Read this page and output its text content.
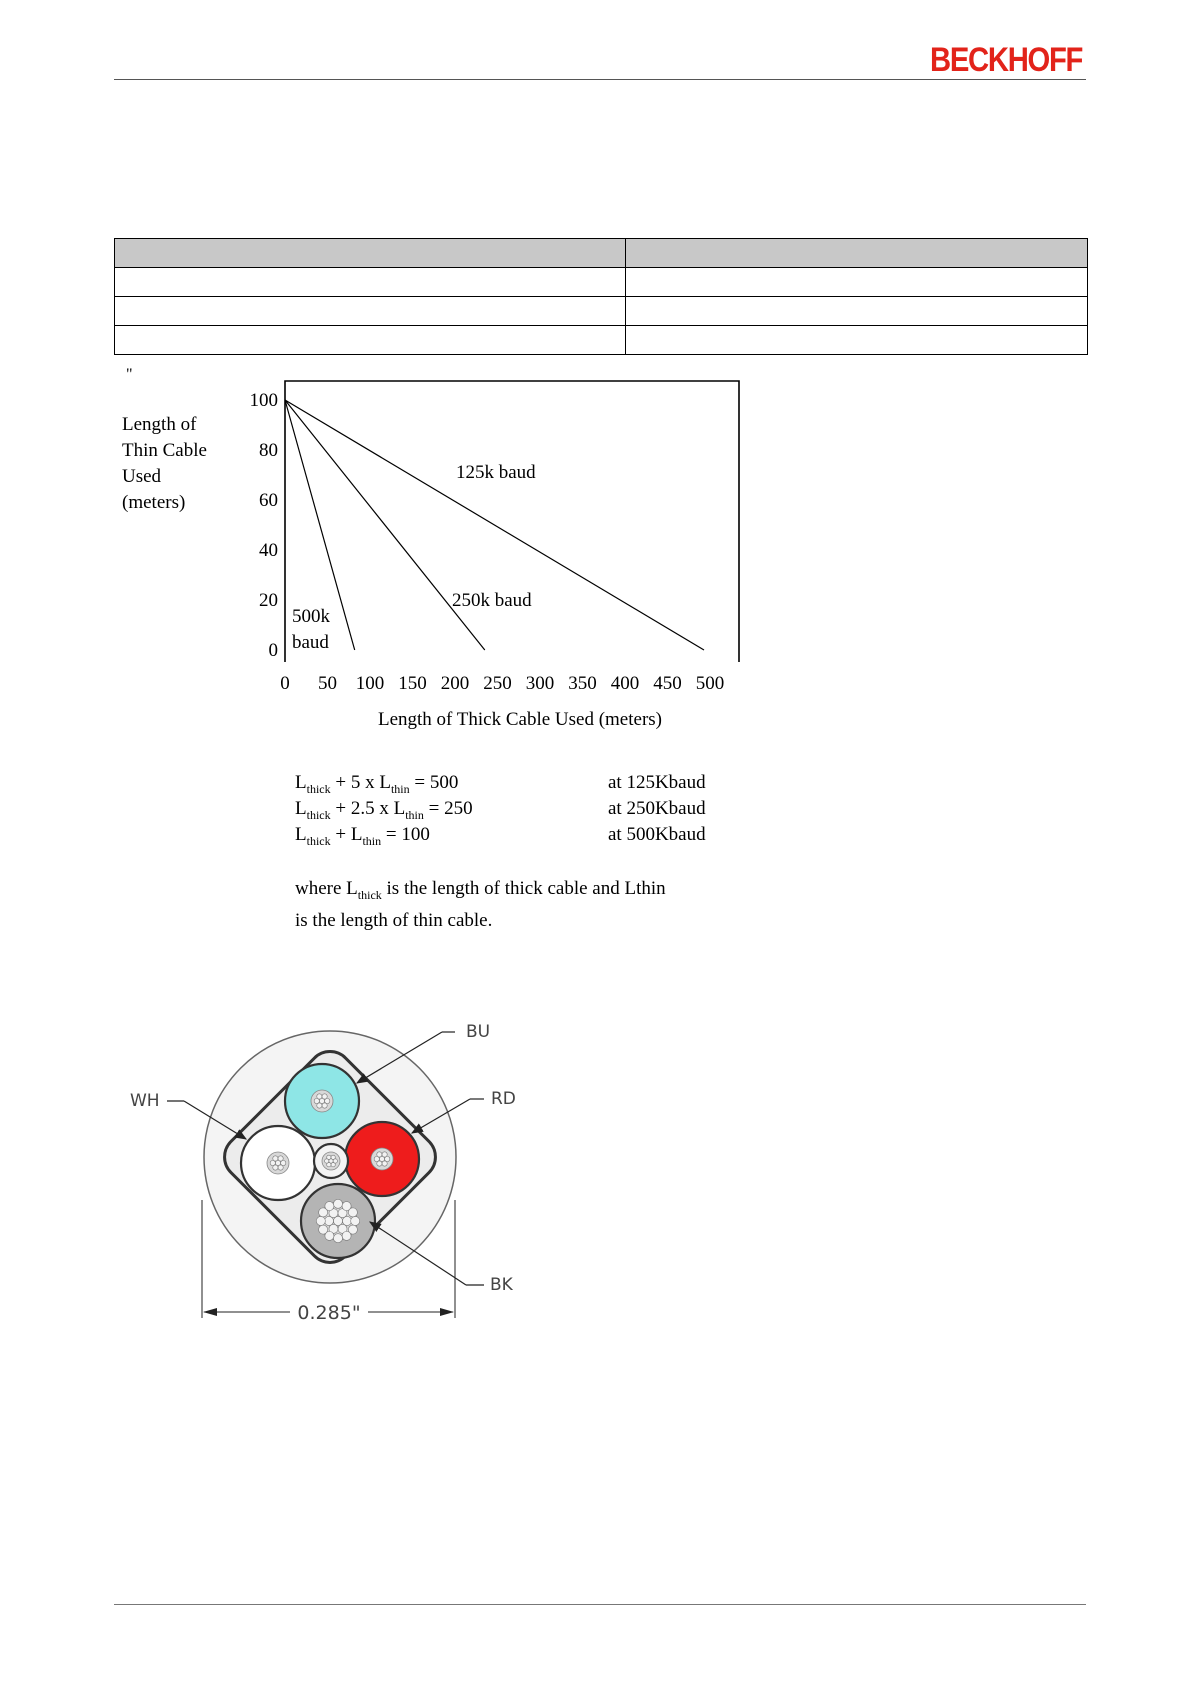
BECKHOFF

"
Length of
Thin Cable
Used
(meters)
0 50 100 150 200 250 300 350 400 450 500
0
20
40
60
80
100
500k
baud
250k baud
125k baud
Length of Thick Cable Used (meters)
$L_{thick} + 5$ x $L_{thin} = 500$	at 125Kbaud
$L_{thick} + 2.5$ x $L_{thin} = 250$	at 250Kbaud
$L_{thick} + L_{thin} = 100$	at 500Kbaud
where $L_{thick}$ is the length of thick cable and Lthin
is the length of thin cable.
0.285"
BU
RD
WH
BK
